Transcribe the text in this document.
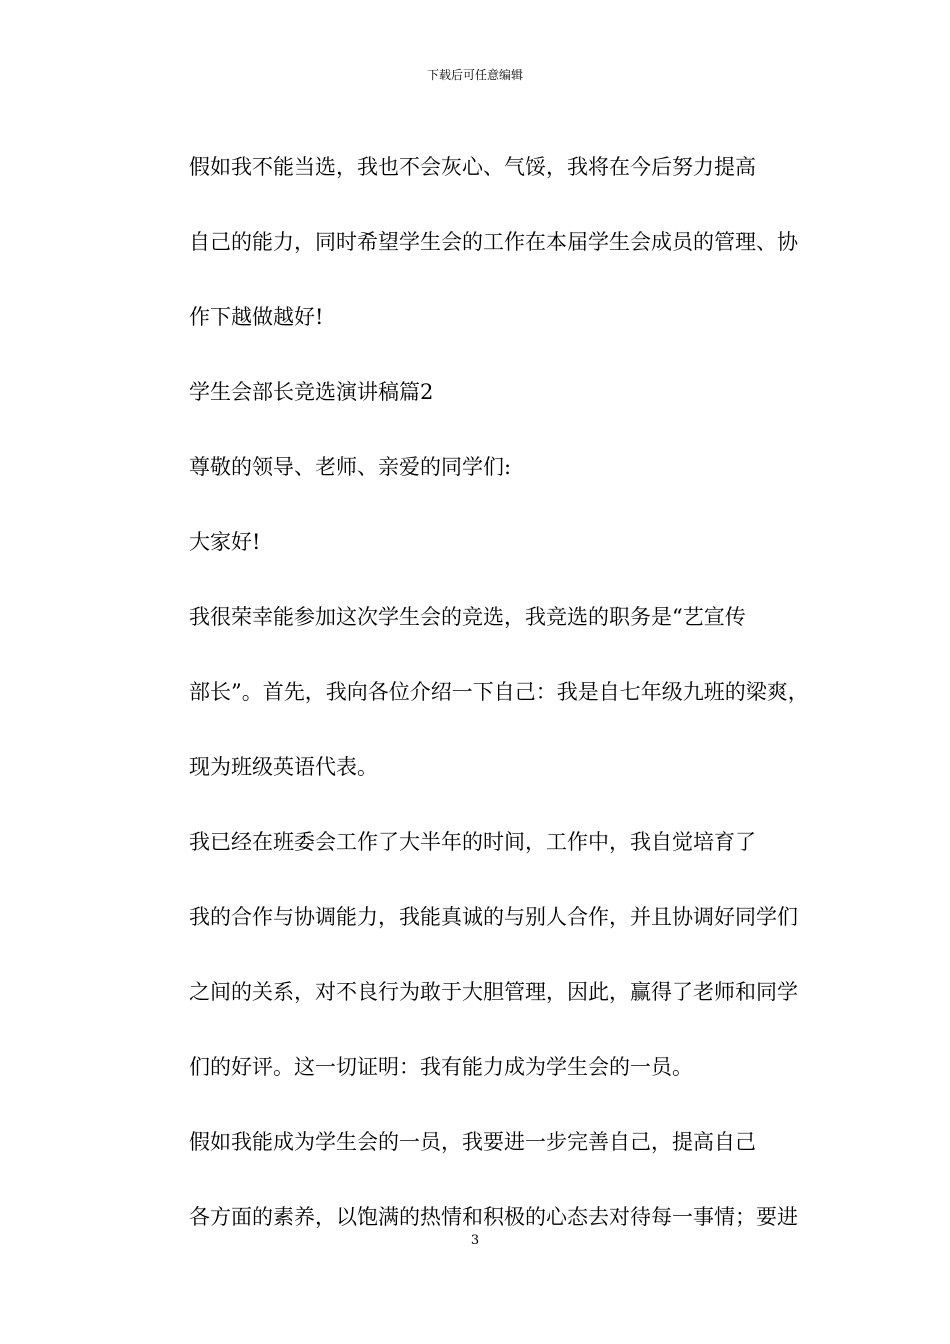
下载后可任意编辑

假如我不能当选，我也不会灰心、气馁，我将在今后努力提高
自己的能力，同时希望学生会的工作在本届学生会成员的管理、协
作下越做越好!

学生会部长竞选演讲稿篇2

尊敬的领导、老师、亲爱的同学们:

大家好!

我很荣幸能参加这次学生会的竞选，我竞选的职务是“艺宣传
部长”。首先，我向各位介绍一下自己：我是自七年级九班的梁爽，
现为班级英语代表。

我已经在班委会工作了大半年的时间，工作中，我自觉培育了
我的合作与协调能力，我能真诚的与别人合作，并且协调好同学们
之间的关系，对不良行为敢于大胆管理，因此，赢得了老师和同学
们的好评。这一切证明：我有能力成为学生会的一员。

假如我能成为学生会的一员，我要进一步完善自己，提高自己
各方面的素养，以饱满的热情和积极的心态去对待每一事情；要进

3
